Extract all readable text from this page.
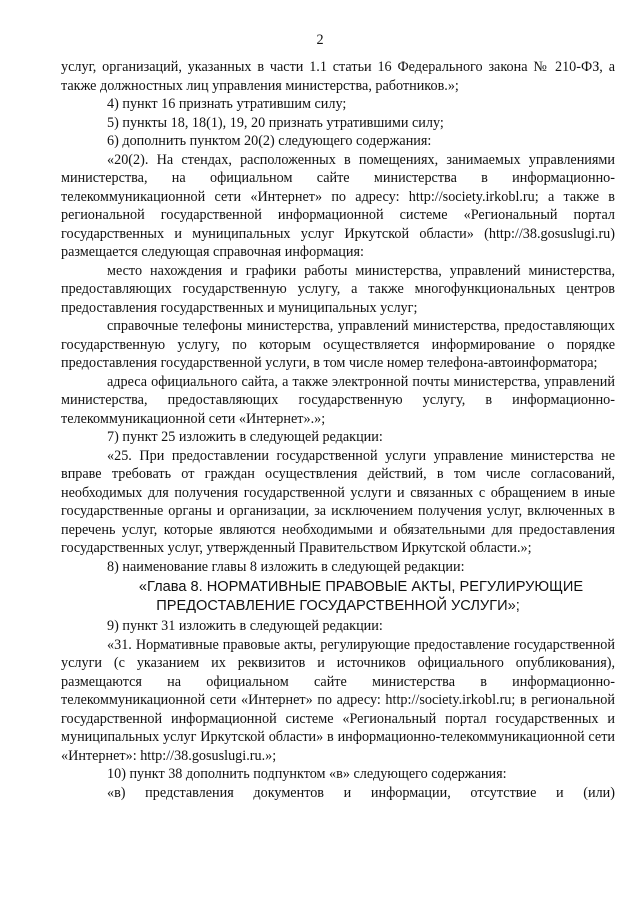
2

услуг, организаций, указанных в части 1.1 статьи 16 Федерального закона № 210-ФЗ, а также должностных лиц управления министерства, работников.»;

4) пункт 16 признать утратившим силу;

5) пункты 18, 18(1), 19, 20 признать утратившими силу;

6) дополнить пунктом 20(2) следующего содержания:

«20(2). На стендах, расположенных в помещениях, занимаемых управлениями министерства, на официальном сайте министерства в информационно-телекоммуникационной сети «Интернет» по адресу: http://society.irkobl.ru; а также в региональной государственной информационной системе «Региональный портал государственных и муниципальных услуг Иркутской области» (http://38.gosuslugi.ru) размещается следующая справочная информация:

место нахождения и графики работы министерства, управлений министерства, предоставляющих государственную услугу, а также многофункциональных центров предоставления государственных и муниципальных услуг;

справочные телефоны министерства, управлений министерства, предоставляющих государственную услугу, по которым осуществляется информирование о порядке предоставления государственной услуги, в том числе номер телефона-автоинформатора;

адреса официального сайта, а также электронной почты министерства, управлений министерства, предоставляющих государственную услугу, в информационно-телекоммуникационной сети «Интернет».»;

7) пункт 25 изложить в следующей редакции:

«25. При предоставлении государственной услуги управление министерства не вправе требовать от граждан осуществления действий, в том числе согласований, необходимых для получения государственной услуги и связанных с обращением в иные государственные органы и организации, за исключением получения услуг, включенных в перечень услуг, которые являются необходимыми и обязательными для предоставления государственных услуг, утвержденный Правительством Иркутской области.»;

8) наименование главы 8 изложить в следующей редакции:

«Глава 8. НОРМАТИВНЫЕ ПРАВОВЫЕ АКТЫ, РЕГУЛИРУЮЩИЕ
ПРЕДОСТАВЛЕНИЕ ГОСУДАРСТВЕННОЙ УСЛУГИ»;

9) пункт 31 изложить в следующей редакции:

«31. Нормативные правовые акты, регулирующие предоставление государственной услуги (с указанием их реквизитов и источников официального опубликования), размещаются на официальном сайте министерства в информационно-телекоммуникационной сети «Интернет» по адресу: http://society.irkobl.ru; в региональной государственной информационной системе «Региональный портал государственных и муниципальных услуг Иркутской области» в информационно-телекоммуникационной сети «Интернет»: http://38.gosuslugi.ru.»;

10) пункт 38 дополнить подпунктом «в» следующего содержания:

«в) представления документов и информации, отсутствие и (или)
